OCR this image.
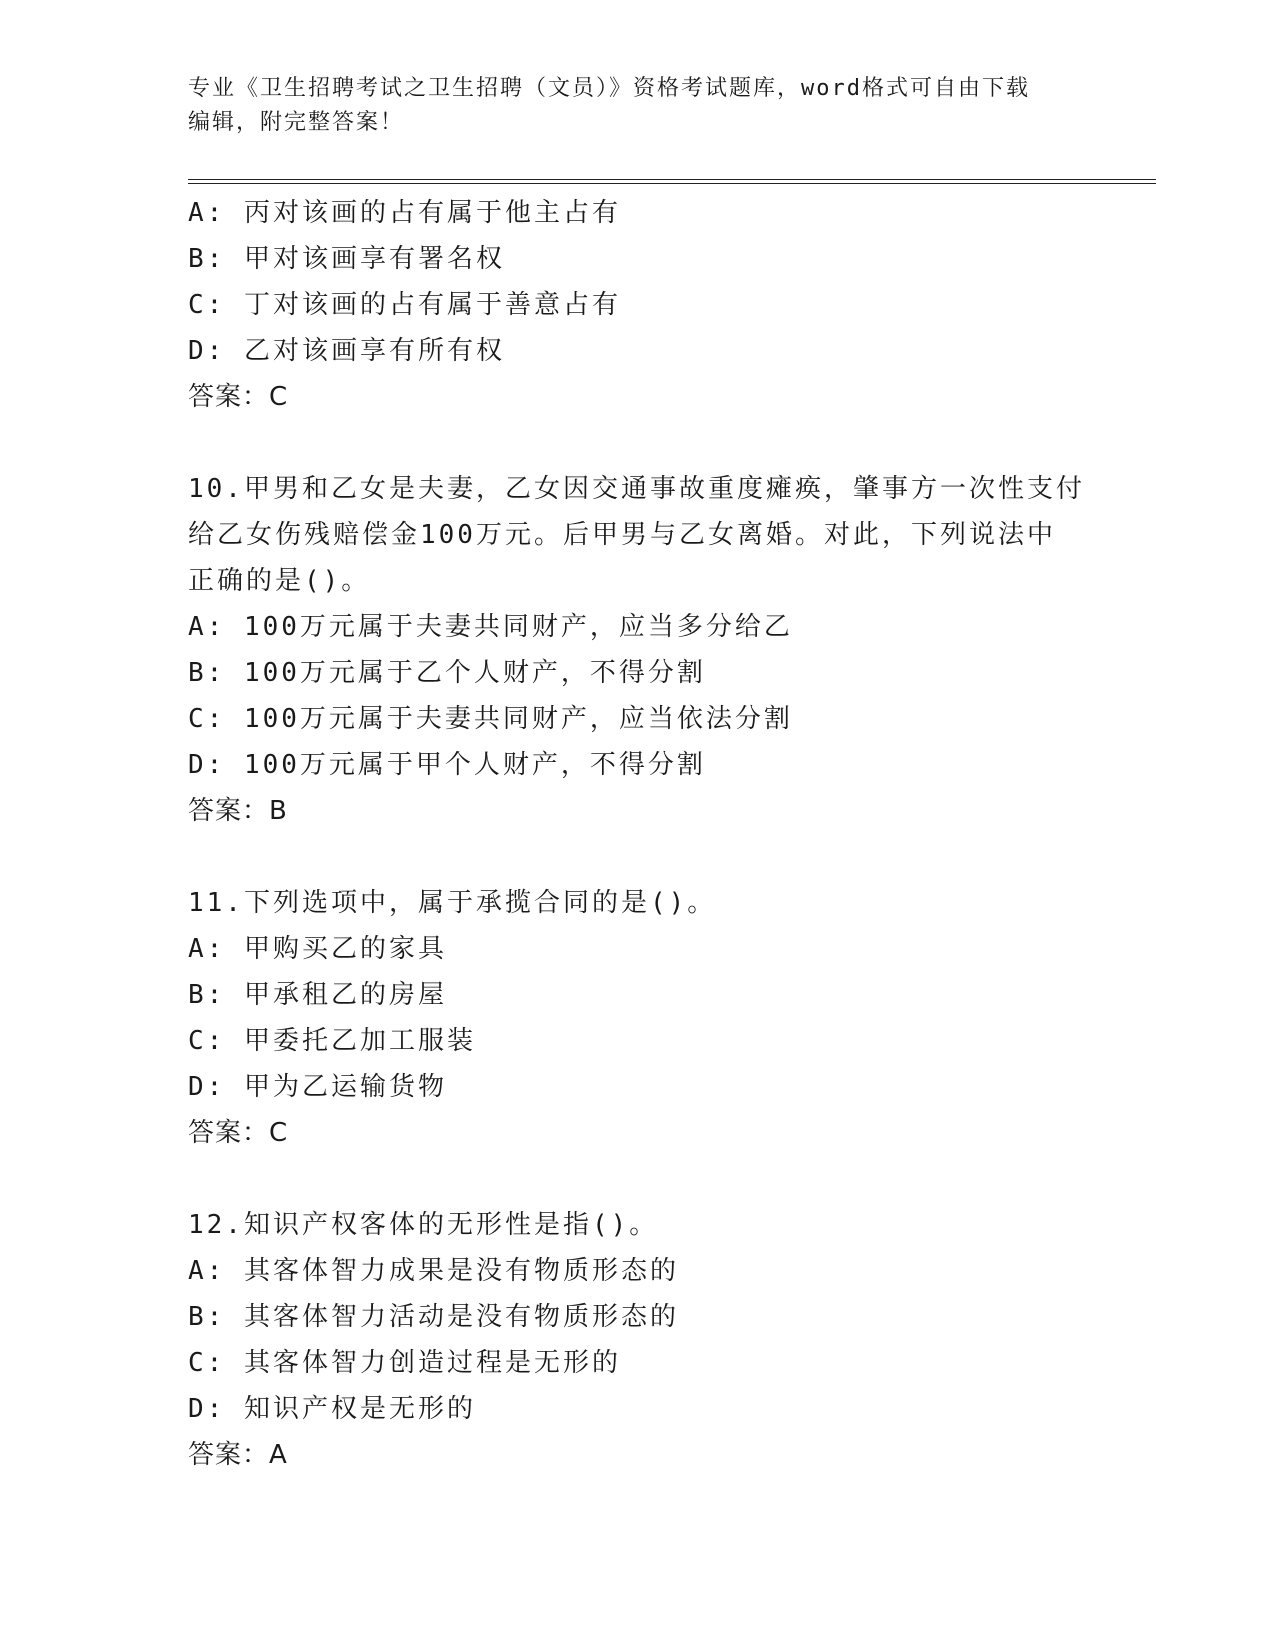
专业《卫生招聘考试之卫生招聘（文员）》资格考试题库，word格式可自由下载
编辑，附完整答案！
A: 丙对该画的占有属于他主占有
B: 甲对该画享有署名权
C: 丁对该画的占有属于善意占有
D: 乙对该画享有所有权
答案：C
10.甲男和乙女是夫妻，乙女因交通事故重度瘫痪，肇事方一次性支付
给乙女伤残赔偿金100万元。后甲男与乙女离婚。对此，下列说法中
正确的是()。
A: 100万元属于夫妻共同财产，应当多分给乙
B: 100万元属于乙个人财产，不得分割
C: 100万元属于夫妻共同财产，应当依法分割
D: 100万元属于甲个人财产，不得分割
答案：B
11.下列选项中，属于承揽合同的是()。
A: 甲购买乙的家具
B: 甲承租乙的房屋
C: 甲委托乙加工服装
D: 甲为乙运输货物
答案：C
12.知识产权客体的无形性是指()。
A: 其客体智力成果是没有物质形态的
B: 其客体智力活动是没有物质形态的
C: 其客体智力创造过程是无形的
D: 知识产权是无形的
答案：A
